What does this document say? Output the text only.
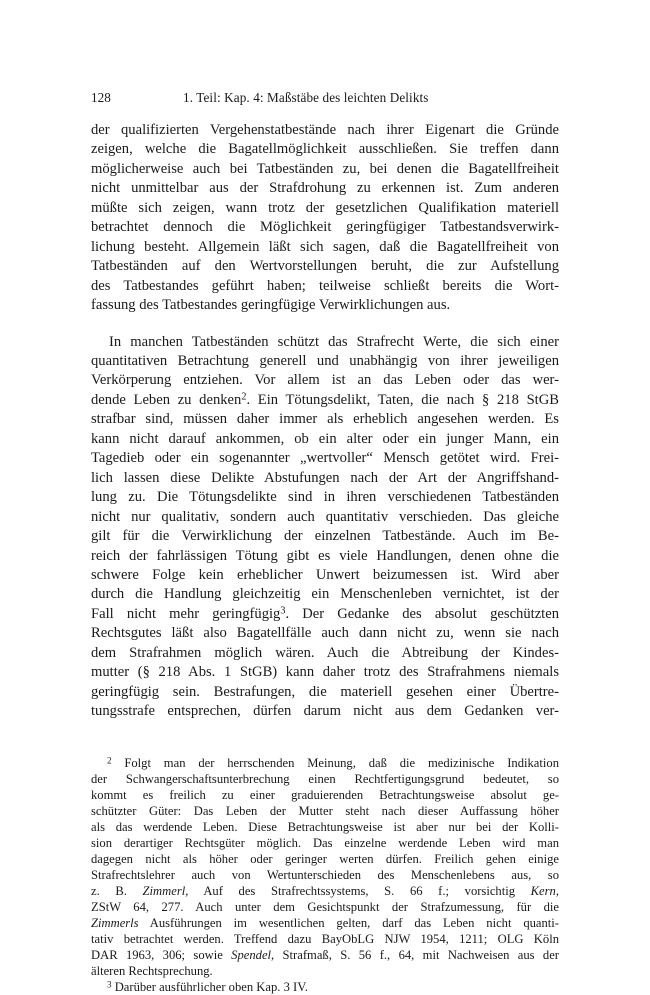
128	1. Teil: Kap. 4: Maßstäbe des leichten Delikts
der qualifizierten Vergehenstatbestände nach ihrer Eigenart die Gründe
zeigen, welche die Bagatellmöglichkeit ausschließen. Sie treffen dann
möglicherweise auch bei Tatbeständen zu, bei denen die Bagatellfreiheit
nicht unmittelbar aus der Strafdrohung zu erkennen ist. Zum anderen
müßte sich zeigen, wann trotz der gesetzlichen Qualifikation materiell
betrachtet dennoch die Möglichkeit geringfügiger Tatbestandsverwirk-
lichung besteht. Allgemein läßt sich sagen, daß die Bagatellfreiheit von
Tatbeständen auf den Wertvorstellungen beruht, die zur Aufstellung
des Tatbestandes geführt haben; teilweise schließt bereits die Wort-
fassung des Tatbestandes geringfügige Verwirklichungen aus.
In manchen Tatbeständen schützt das Strafrecht Werte, die sich einer
quantitativen Betrachtung generell und unabhängig von ihrer jeweiligen
Verkörperung entziehen. Vor allem ist an das Leben oder das wer-
dende Leben zu denken$^2$. Ein Tötungsdelikt, Taten, die nach § 218 StGB
strafbar sind, müssen daher immer als erheblich angesehen werden. Es
kann nicht darauf ankommen, ob ein alter oder ein junger Mann, ein
Tagedieb oder ein sogenannter „wertvoller“ Mensch getötet wird. Frei-
lich lassen diese Delikte Abstufungen nach der Art der Angriffshand-
lung zu. Die Tötungsdelikte sind in ihren verschiedenen Tatbeständen
nicht nur qualitativ, sondern auch quantitativ verschieden. Das gleiche
gilt für die Verwirklichung der einzelnen Tatbestände. Auch im Be-
reich der fahrlässigen Tötung gibt es viele Handlungen, denen ohne die
schwere Folge kein erheblicher Unwert beizumessen ist. Wird aber
durch die Handlung gleichzeitig ein Menschenleben vernichtet, ist der
Fall nicht mehr geringfügig$^3$. Der Gedanke des absolut geschützten
Rechtsgutes läßt also Bagatellfälle auch dann nicht zu, wenn sie nach
dem Strafrahmen möglich wären. Auch die Abtreibung der Kindes-
mutter (§ 218 Abs. 1 StGB) kann daher trotz des Strafrahmens niemals
geringfügig sein. Bestrafungen, die materiell gesehen einer Übertre-
tungsstrafe entsprechen, dürfen darum nicht aus dem Gedanken ver-
$^2$ Folgt man der herrschenden Meinung, daß die medizinische Indikation
der Schwangerschaftsunterbrechung einen Rechtfertigungsgrund bedeutet, so
kommt es freilich zu einer graduierenden Betrachtungsweise absolut ge-
schützter Güter: Das Leben der Mutter steht nach dieser Auffassung höher
als das werdende Leben. Diese Betrachtungsweise ist aber nur bei der Kolli-
sion derartiger Rechtsgüter möglich. Das einzelne werdende Leben wird man
dagegen nicht als höher oder geringer werten dürfen. Freilich gehen einige
Strafrechtslehrer auch von Wertunterschieden des Menschenlebens aus, so
z. B. Zimmerl, Auf des Strafrechtssystems, S. 66 f.; vorsichtig Kern,
ZStW 64, 277. Auch unter dem Gesichtspunkt der Strafzumessung, für die
Zimmerls Ausführungen im wesentlichen gelten, darf das Leben nicht quanti-
tativ betrachtet werden. Treffend dazu BayObLG NJW 1954, 1211; OLG Köln
DAR 1963, 306; sowie Spendel, Strafmaß, S. 56 f., 64, mit Nachweisen aus der
älteren Rechtsprechung.
$^3$ Darüber ausführlicher oben Kap. 3 IV.
